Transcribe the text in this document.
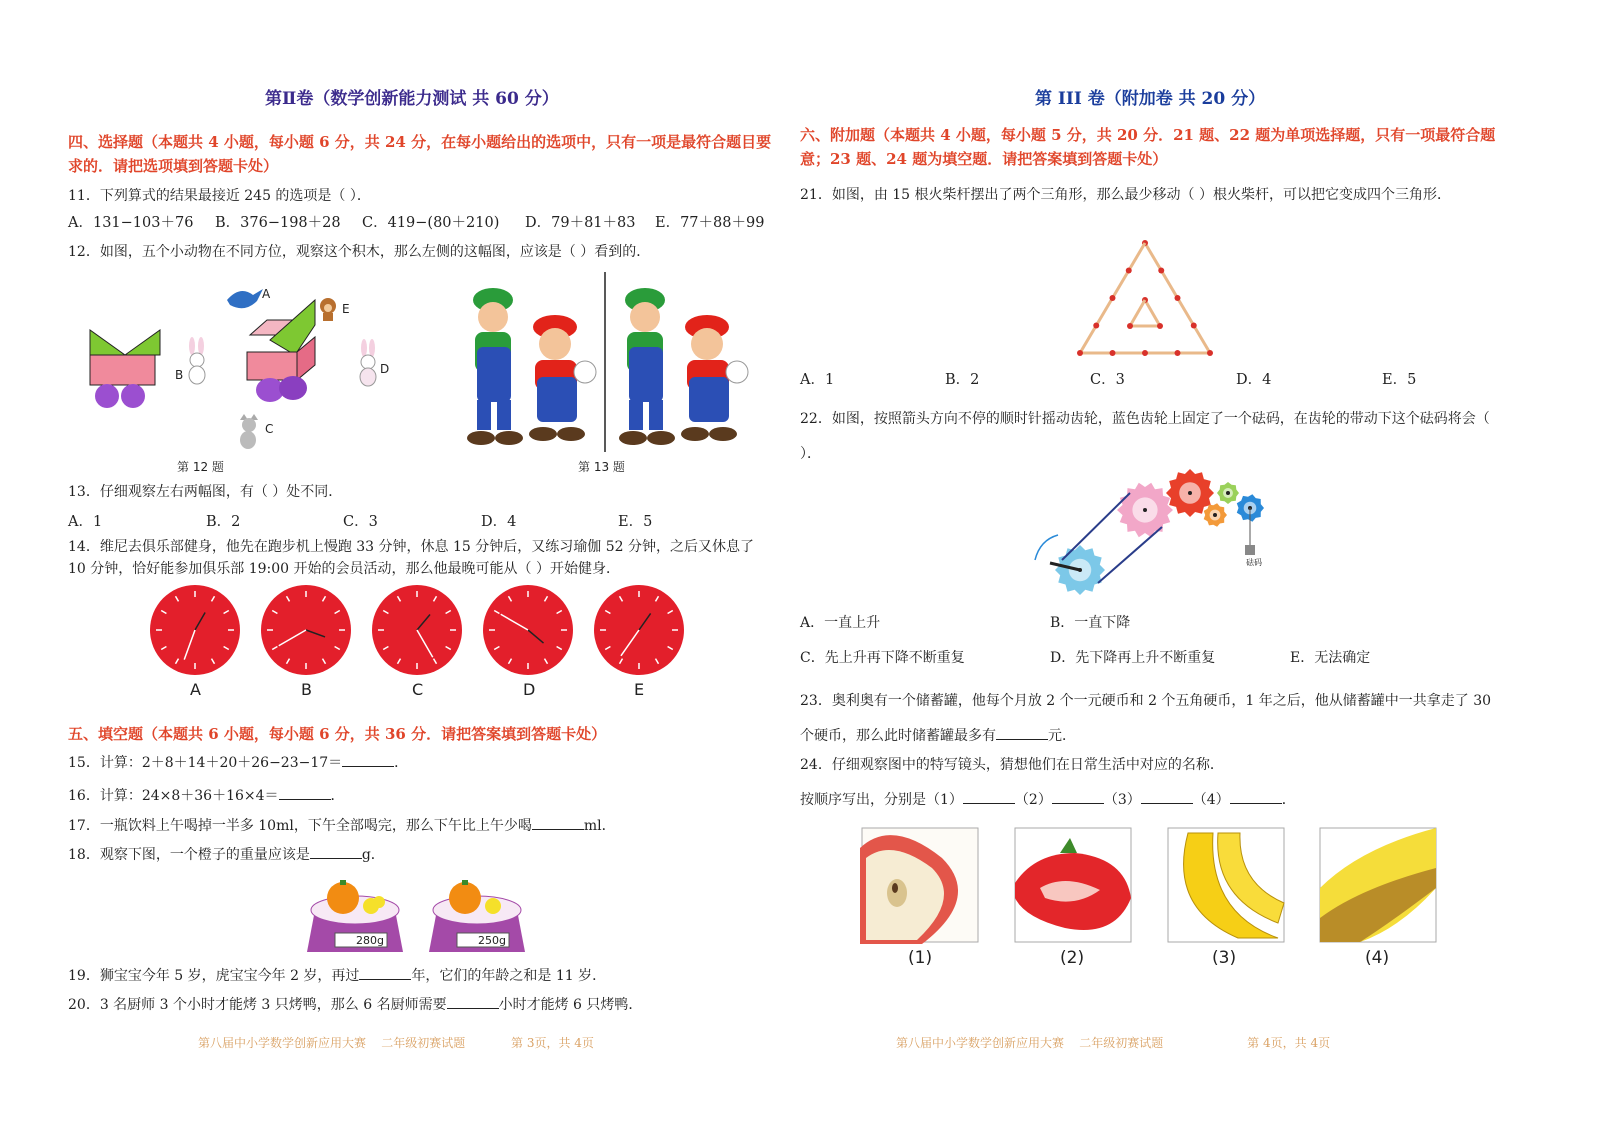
第Ⅱ卷（数学创新能力测试 共 60 分）
四、选择题（本题共 4 小题，每小题 6 分，共 24 分，在每小题给出的选项中，只有一项是最符合题目要求的．请把选项填到答题卡处）
11．下列算式的结果最接近 245 的选项是（ ）．
A．131−103＋76 B．376−198＋28 C．419−(80＋210) D．79＋81＋83 E．77＋88＋99
12．如图，五个小动物在不同方位，观察这个积木，那么左侧的这幅图，应该是（ ）看到的．
A
E
B	D
C
第 12 题	第 13 题
13．仔细观察左右两幅图，有（ ）处不同．
A．1	B．2	C．3	D．4	E．5
14．维尼去俱乐部健身，他先在跑步机上慢跑 33 分钟，休息 15 分钟后，又练习瑜伽 52 分钟，之后又休息了 10 分钟，恰好能参加俱乐部 19:00 开始的会员活动，那么他最晚可能从（ ）开始健身．
A	B	C	D	E
五、填空题（本题共 6 小题，每小题 6 分，共 36 分．请把答案填到答题卡处）
15．计算：2＋8＋14＋20＋26−23−17＝	．
16．计算：24×8＋36＋16×4＝	．
17．一瓶饮料上午喝掉一半多 10ml，下午全部喝完，那么下午比上午少喝	ml．
18．观察下图，一个橙子的重量应该是	g．
280g	250g
19．狮宝宝今年 5 岁，虎宝宝今年 2 岁，再过	年，它们的年龄之和是 11 岁．
20．3 名厨师 3 个小时才能烤 3 只烤鸭，那么 6 名厨师需要	小时才能烤 6 只烤鸭．
第八届中小学数学创新应用大赛    二年级初赛试题            第 3页，共 4页
第 III 卷（附加卷 共 20 分）
六、附加题（本题共 4 小题，每小题 5 分，共 20 分．21 题、22 题为单项选择题，只有一项最符合题意；23 题、24 题为填空题．请把答案填到答题卡处）
21．如图，由 15 根火柴杆摆出了两个三角形，那么最少移动（ ）根火柴杆，可以把它变成四个三角形．
A．1	B．2	C．3	D．4	E．5
22．如图，按照箭头方向不停的顺时针摇动齿轮，蓝色齿轮上固定了一个砝码，在齿轮的带动下这个砝码将会（ ）．
砝码
A．一直上升	B．一直下降
C．先上升再下降不断重复	D．先下降再上升不断重复	E．无法确定
23．奥利奥有一个储蓄罐，他每个月放 2 个一元硬币和 2 个五角硬币，1 年之后，他从储蓄罐中一共拿走了 30 个硬币，那么此时储蓄罐最多有	元．
24．仔细观察图中的特写镜头，猜想他们在日常生活中对应的名称．
按顺序写出，分别是（1）	（2）	（3）	（4）	．
(1)	(2)	(3)	(4)
第八届中小学数学创新应用大赛    二年级初赛试题                      第 4页，共 4页
